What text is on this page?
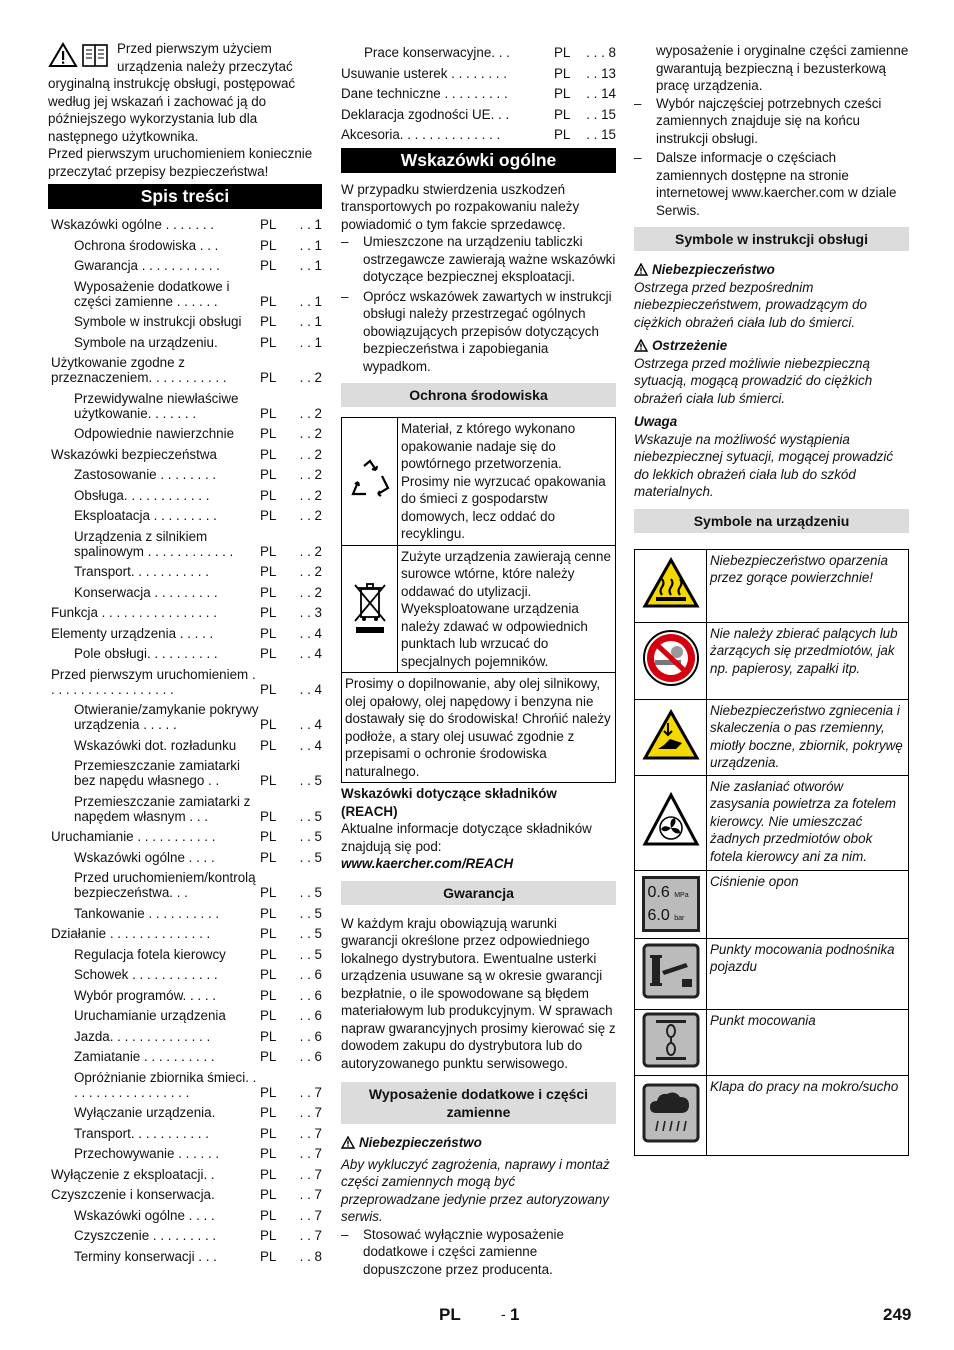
Przed pierwszym użyciem urządzenia należy przeczytać oryginalną instrukcję obsługi, postępować według jej wskazań i zachować ją do późniejszego wykorzystania lub dla następnego użytkownika.

Przed pierwszym uruchomieniem koniecznie przeczytać przepisy bezpieczeństwa!

Spis treści
Wskazówki ogólne . . . . . . .	PL	. . 1
Ochrona środowiska . . .	PL	. . 1
Gwarancja . . . . . . . . . . .	PL	. . 1
Wyposażenie dodatkowe i części zamienne . . . . . .	PL	. . 1
Symbole w instrukcji obsługi	PL	. . 1
Symbole na urządzeniu.	PL	. . 1
Użytkowanie zgodne z przeznaczeniem. . . . . . . . . . .	PL	. . 2
Przewidywalne niewłaściwe użytkowanie. . . . . . .	PL	. . 2
Odpowiednie nawierzchnie	PL	. . 2
Wskazówki bezpieczeństwa	PL	. . 2
Zastosowanie . . . . . . . .	PL	. . 2
Obsługa. . . . . . . . . . . .	PL	. . 2
Eksploatacja . . . . . . . . .	PL	. . 2
Urządzenia z silnikiem spalinowym . . . . . . . . . . . .	PL	. . 2
Transport. . . . . . . . . . .	PL	. . 2
Konserwacja . . . . . . . . .	PL	. . 2
Funkcja . . . . . . . . . . . . . . . .	PL	. . 3
Elementy urządzenia . . . . .	PL	. . 4
Pole obsługi. . . . . . . . . .	PL	. . 4
Przed pierwszym uruchomieniem . . . . . . . . . . . . . . . . . .	PL	. . 4
Otwieranie/zamykanie pokrywy urządzenia . . . . .	PL	. . 4
Wskazówki dot. rozładunku	PL	. . 4
Przemieszczanie zamiatarki bez napędu własnego . .	PL	. . 5
Przemieszczanie zamiatarki z napędem własnym . . .	PL	. . 5
Uruchamianie . . . . . . . . . . .	PL	. . 5
Wskazówki ogólne . . . .	PL	. . 5
Przed uruchomieniem/kontrolą bezpieczeństwa. . .	PL	. . 5
Tankowanie . . . . . . . . . .	PL	. . 5
Działanie . . . . . . . . . . . . . .	PL	. . 5
Regulacja fotela kierowcy	PL	. . 5
Schowek . . . . . . . . . . . .	PL	. . 6
Wybór programów. . . . .	PL	. . 6
Uruchamianie urządzenia	PL	. . 6
Jazda. . . . . . . . . . . . . .	PL	. . 6
Zamiatanie . . . . . . . . . .	PL	. . 6
Opróżnianie zbiornika śmieci. . . . . . . . . . . . . . . . . .	PL	. . 7
Wyłączanie urządzenia.	PL	. . 7
Transport. . . . . . . . . . .	PL	. . 7
Przechowywanie . . . . . .	PL	. . 7
Wyłączenie z eksploatacji. .	PL	. . 7
Czyszczenie i konserwacja.	PL	. . 7
Wskazówki ogólne . . . .	PL	. . 7
Czyszczenie . . . . . . . . .	PL	. . 7
Terminy konserwacji . . .	PL	. . 8
Prace konserwacyjne. . .	PL	. . . 8
Usuwanie usterek . . . . . . . .	PL	. . 13
Dane techniczne . . . . . . . . .	PL	. . 14
Deklaracja zgodności UE. . .	PL	. . 15
Akcesoria. . . . . . . . . . . . . .	PL	. . 15
Wskazówki ogólne

W przypadku stwierdzenia uszkodzeń transportowych po rozpakowaniu należy powiadomić o tym fakcie sprzedawcę.

– Umieszczone na urządzeniu tabliczki ostrzegawcze zawierają ważne wskazówki dotyczące bezpiecznej eksploatacji.
– Oprócz wskazówek zawartych w instrukcji obsługi należy przestrzegać ogólnych obowiązujących przepisów dotyczących bezpieczeństwa i zapobiegania wypadkom.
Ochrona środowiska
	Materiał, z którego wykonano opakowanie nadaje się do powtórnego przetworzenia. Prosimy nie wyrzucać opakowania do śmieci z gospodarstw domowych, lecz oddać do recyklingu.
	Zużyte urządzenia zawierają cenne surowce wtórne, które należy oddawać do utylizacji. Wyeksploatowane urządzenia należy zdawać w odpowiednich punktach lub wrzucać do specjalnych pojemników.
Prosimy o dopilnowanie, aby olej silnikowy, olej opałowy, olej napędowy i benzyna nie dostawały się do środowiska! Chrońić należy podłoże, a stary olej usuwać zgodnie z przepisami o ochronie środowiska naturalnego.	

Wskazówki dotyczące składników (REACH)

Aktualne informacje dotyczące składników znajdują się pod:

www.kaercher.com/REACH

Gwarancja

W każdym kraju obowiązują warunki gwarancji określone przez odpowiedniego lokalnego dystrybutora. Ewentualne usterki urządzenia usuwane są w okresie gwarancji bezpłatnie, o ile spowodowane są błędem materiałowym lub produkcyjnym. W sprawach napraw gwarancyjnych prosimy kierować się z dowodem zakupu do dystrybutora lub do autoryzowanego punktu serwisowego.

Wyposażenie dodatkowe i części zamienne
Niebezpieczeństwo

Aby wykluczyć zagrożenia, naprawy i montaż części zamiennych mogą być przeprowadzane jedynie przez autoryzowany serwis.

– Stosować wyłącznie wyposażenie dodatkowe i części zamienne dopuszczone przez producenta.

wyposażenie i oryginalne części zamienne gwarantują bezpieczną i bezusterkową pracę urządzenia.

– Wybór najczęściej potrzebnych cześci zamiennych znajduje się na końcu instrukcji obsługi.
– Dalsze informacje o częściach zamiennych dostępne na stronie internetowej www.kaercher.com w dziale Serwis.
Symbole w instrukcji obsługi
Niebezpieczeństwo

Ostrzega przed bezpośrednim niebezpieczeństwem, prowadzącym do ciężkich obrażeń ciała lub do śmierci.

Ostrzeżenie

Ostrzega przed możliwie niebezpieczną sytuacją, mogącą prowadzić do ciężkich obrażeń ciała lub śmierci.

Uwaga

Wskazuje na możliwość wystąpienia niebezpiecznej sytuacji, mogącej prowadzić do lekkich obrażeń ciała lub do szkód materialnych.

Symbole na urządzeniu
	Niebezpieczeństwo oparzenia przez gorące powierzchnie!
	Nie należy zbierać palących lub żarzących się przedmiotów, jak np. papierosy, zapałki itp.
	Niebezpieczeństwo zgniecenia i skaleczenia o pas rzemienny, miotły boczne, zbiornik, pokrywę urządzenia.
	Nie zasłaniać otworów zasysania powietrza za fotelem kierowcy. Nie umieszczać żadnych przedmiotów obok fotela kierowcy ani za nim.

0.6 MPa
6.0 bar	Ciśnienie opon
	Punkty mocowania podnośnika pojazdu
	Punkt mocowania
	Klapa do pracy na mokro/sucho
PL	- 1	249
